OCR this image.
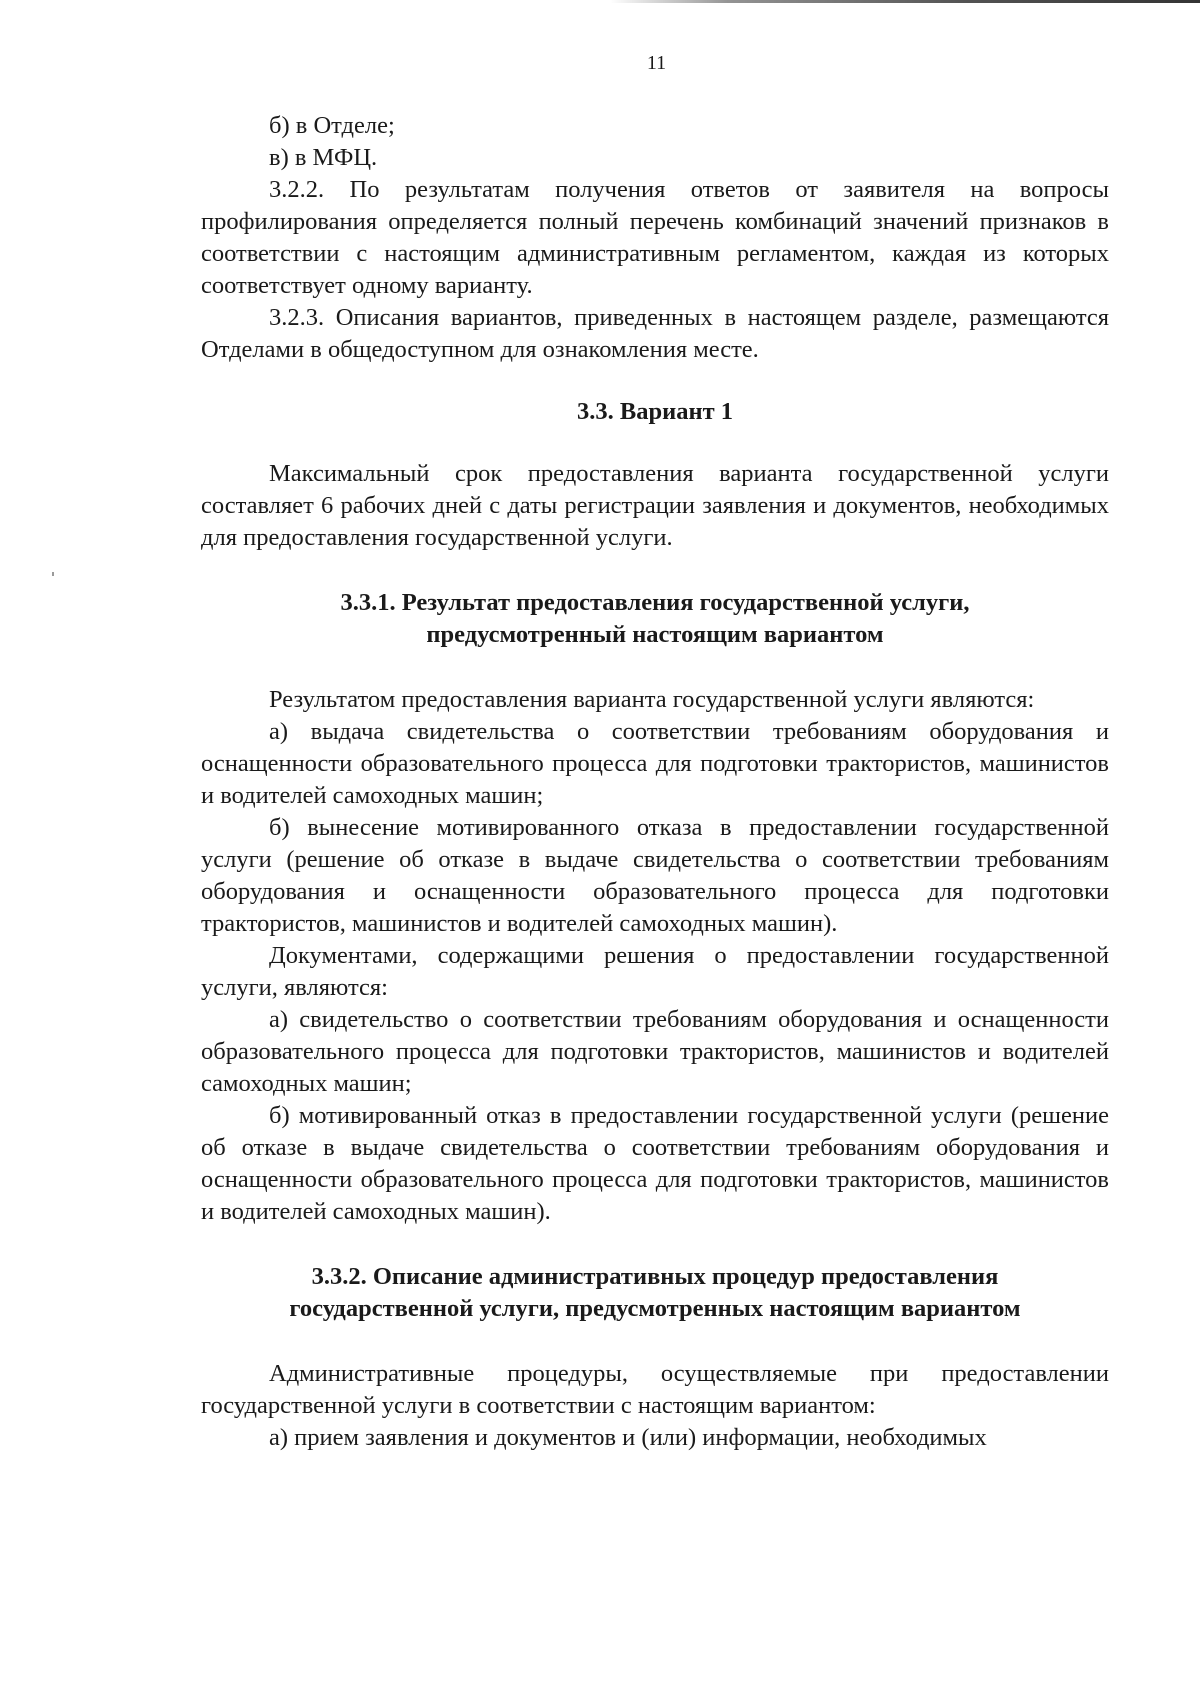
11

б) в Отделе;

в) в МФЦ.

3.2.2. По результатам получения ответов от заявителя на вопросы профилирования определяется полный перечень комбинаций значений признаков в соответствии с настоящим административным регламентом, каждая из которых соответствует одному варианту.

3.2.3. Описания вариантов, приведенных в настоящем разделе, размещаются Отделами в общедоступном для ознакомления месте.

3.3. Вариант 1

Максимальный срок предоставления варианта государственной услуги составляет 6 рабочих дней с даты регистрации заявления и документов, необходимых для предоставления государственной услуги.

3.3.1. Результат предоставления государственной услуги,
предусмотренный настоящим вариантом

Результатом предоставления варианта государственной услуги являются:

а) выдача свидетельства о соответствии требованиям оборудования и оснащенности образовательного процесса для подготовки трактористов, машинистов и водителей самоходных машин;

б) вынесение мотивированного отказа в предоставлении государственной услуги (решение об отказе в выдаче свидетельства о соответствии требованиям оборудования и оснащенности образовательного процесса для подготовки трактористов, машинистов и водителей самоходных машин).

Документами, содержащими решения о предоставлении государственной услуги, являются:

а) свидетельство о соответствии требованиям оборудования и оснащенности образовательного процесса для подготовки трактористов, машинистов и водителей самоходных машин;

б) мотивированный отказ в предоставлении государственной услуги (решение об отказе в выдаче свидетельства о соответствии требованиям оборудования и оснащенности образовательного процесса для подготовки трактористов, машинистов и водителей самоходных машин).

3.3.2. Описание административных процедур предоставления
государственной услуги, предусмотренных настоящим вариантом

Административные процедуры, осуществляемые при предоставлении государственной услуги в соответствии с настоящим вариантом:

а) прием заявления и документов и (или) информации, необходимых
